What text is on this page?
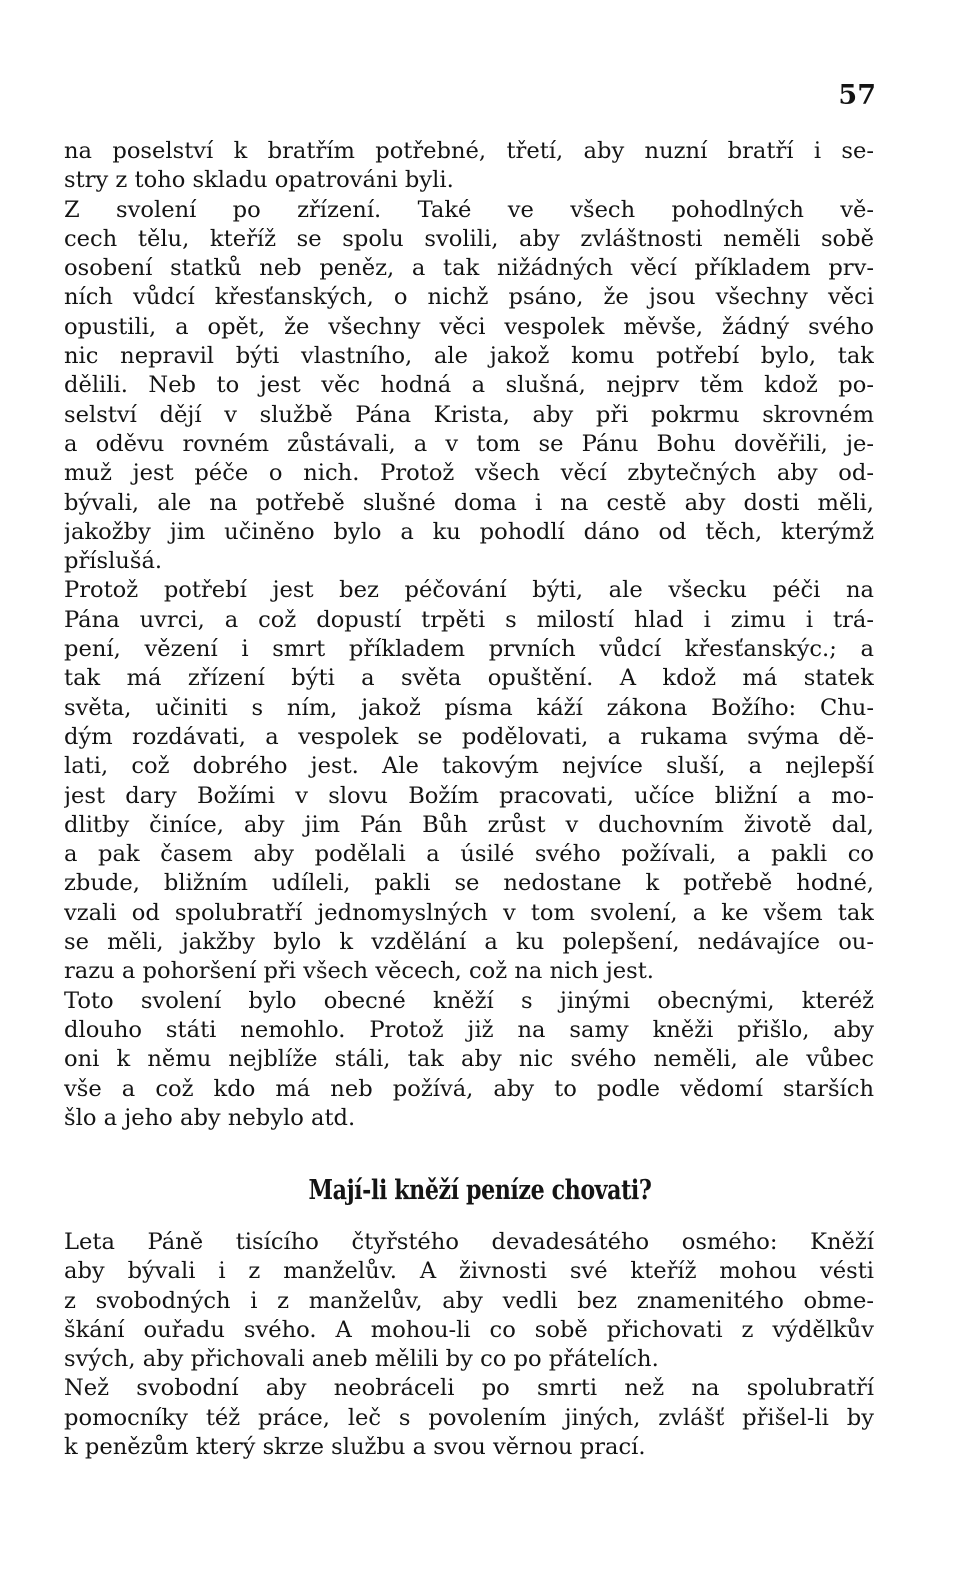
57
na poselství k bratřím potřebné, třetí, aby nuzní bratří i se-
stry z toho skladu opatrováni byli.
Z svolení po zřízení. Také ve všech pohodlných vě-
cech tělu, kteříž se spolu svolili, aby zvláštnosti neměli sobě
osobení statků neb peněz, a tak nižádných věcí příkladem prv-
ních vůdcí křesťanských, o nichž psáno, že jsou všechny věci
opustili, a opět, že všechny věci vespolek měvše, žádný svého
nic nepravil býti vlastního, ale jakož komu potřebí bylo, tak
dělili. Neb to jest věc hodná a slušná, nejprv těm kdož po-
selství dějí v službě Pána Krista, aby při pokrmu skrovném
a oděvu rovném zůstávali, a v tom se Pánu Bohu dověřili, je-
muž jest péče o nich. Protož všech věcí zbytečných aby od-
bývali, ale na potřebě slušné doma i na cestě aby dosti měli,
jakožby jim učiněno bylo a ku pohodlí dáno od těch, kterýmž
příslušá.
Protož potřebí jest bez péčování býti, ale všecku péči na
Pána uvrci, a což dopustí trpěti s milostí hlad i zimu i trá-
pení, vězení i smrt příkladem prvních vůdcí křesťanskýc.; a
tak má zřízení býti a světa opuštění. A kdož má statek
světa, učiniti s ním, jakož písma káží zákona Božího: Chu-
dým rozdávati, a vespolek se podělovati, a rukama svýma dě-
lati, což dobrého jest. Ale takovým nejvíce sluší, a nejlepší
jest dary Božími v slovu Božím pracovati, učíce bližní a mo-
dlitby činíce, aby jim Pán Bůh zrůst v duchovním životě dal,
a pak časem aby podělali a úsilé svého požívali, a pakli co
zbude, bližním udíleli, pakli se nedostane k potřebě hodné,
vzali od spolubratří jednomyslných v tom svolení, a ke všem tak
se měli, jakžby bylo k vzdělání a ku polepšení, nedávajíce ou-
razu a pohoršení při všech věcech, což na nich jest.
Toto svolení bylo obecné kněží s jinými obecnými, kteréž
dlouho státi nemohlo. Protož již na samy kněži přišlo, aby
oni k němu nejblíže stáli, tak aby nic svého neměli, ale vůbec
vše a což kdo má neb požívá, aby to podle vědomí starších
šlo a jeho aby nebylo atd.
Mají-li kněží peníze chovati?
Leta Páně tisícího čtyřstého devadesátého osmého: Kněží
aby bývali i z manželův. A živnosti své kteříž mohou vésti
z svobodných i z manželův, aby vedli bez znamenitého obme-
škání ouřadu svého. A mohou-li co sobě přichovati z výdělkův
svých, aby přichovali aneb mělili by co po přátelích.
Než svobodní aby neobráceli po smrti než na spolubratří
pomocníky též práce, leč s povolením jiných, zvlášť přišel-li by
k penězům který skrze službu a svou věrnou prací.
